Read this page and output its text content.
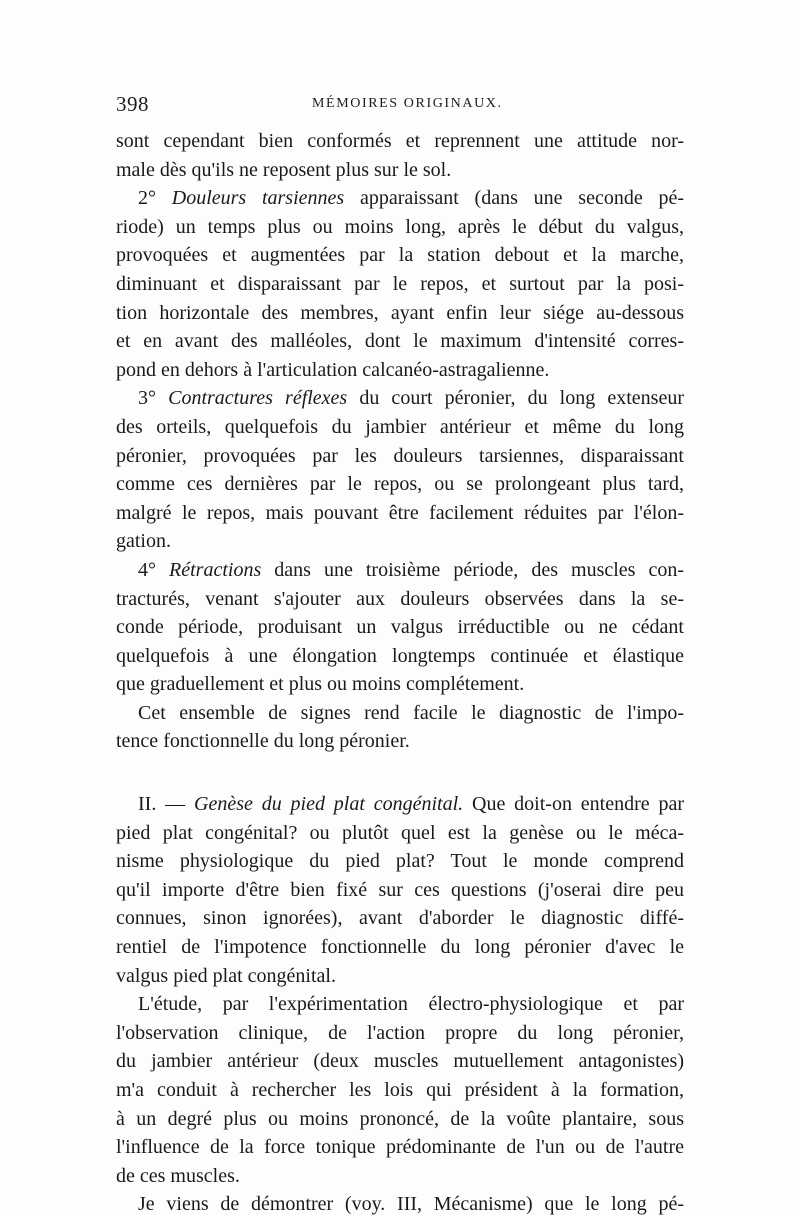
398	MÉMOIRES ORIGINAUX.
sont cependant bien conformés et reprennent une attitude nor-
male dès qu'ils ne reposent plus sur le sol.
2° Douleurs tarsiennes apparaissant (dans une seconde pé-
riode) un temps plus ou moins long, après le début du valgus,
provoquées et augmentées par la station debout et la marche,
diminuant et disparaissant par le repos, et surtout par la posi-
tion horizontale des membres, ayant enfin leur siége au-dessous
et en avant des malléoles, dont le maximum d'intensité corres-
pond en dehors à l'articulation calcanéo-astragalienne.
3° Contractures réflexes du court péronier, du long extenseur
des orteils, quelquefois du jambier antérieur et même du long
péronier, provoquées par les douleurs tarsiennes, disparaissant
comme ces dernières par le repos, ou se prolongeant plus tard,
malgré le repos, mais pouvant être facilement réduites par l'élon-
gation.
4° Rétractions dans une troisième période, des muscles con-
tracturés, venant s'ajouter aux douleurs observées dans la se-
conde période, produisant un valgus irréductible ou ne cédant
quelquefois à une élongation longtemps continuée et élastique
que graduellement et plus ou moins complétement.
Cet ensemble de signes rend facile le diagnostic de l'impo-
tence fonctionnelle du long péronier.
II. — Genèse du pied plat congénital. Que doit-on entendre par
pied plat congénital? ou plutôt quel est la genèse ou le méca-
nisme physiologique du pied plat? Tout le monde comprend
qu'il importe d'être bien fixé sur ces questions (j'oserai dire peu
connues, sinon ignorées), avant d'aborder le diagnostic diffé-
rentiel de l'impotence fonctionnelle du long péronier d'avec le
valgus pied plat congénital.
L'étude, par l'expérimentation électro-physiologique et par
l'observation clinique, de l'action propre du long péronier,
du jambier antérieur (deux muscles mutuellement antagonistes)
m'a conduit à rechercher les lois qui président à la formation,
à un degré plus ou moins prononcé, de la voûte plantaire, sous
l'influence de la force tonique prédominante de l'un ou de l'autre
de ces muscles.
Je viens de démontrer (voy. III, Mécanisme) que le long pé-
